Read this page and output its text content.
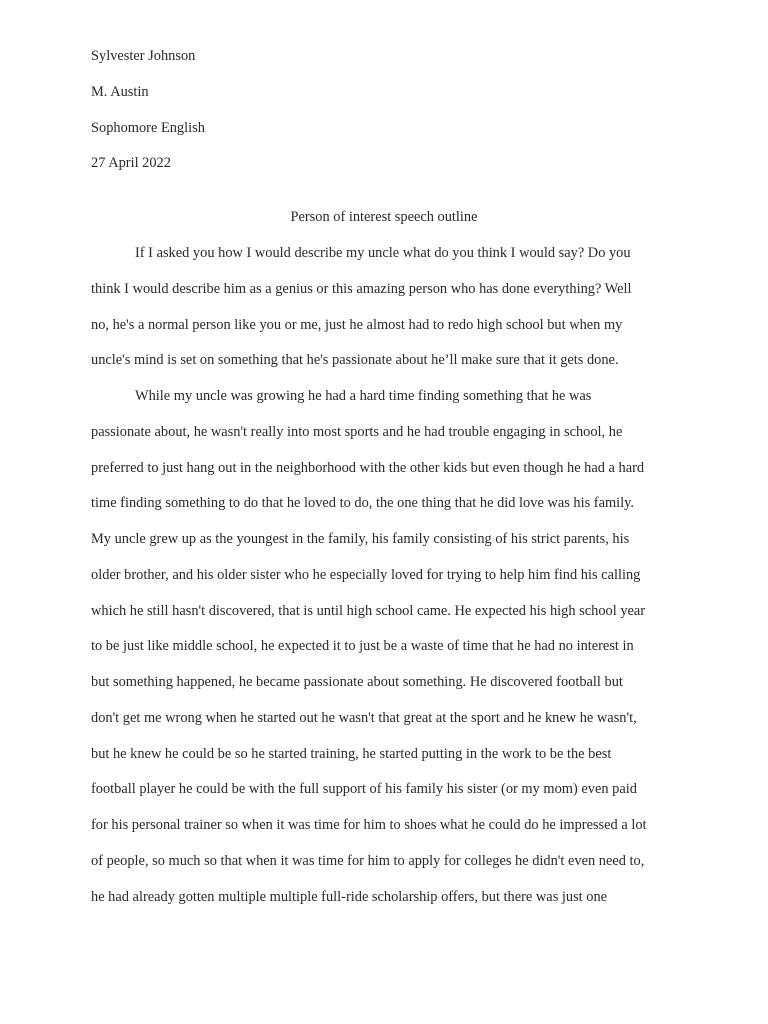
Sylvester Johnson
M. Austin
Sophomore English
27 April 2022
Person of interest speech outline
If I asked you how I would describe my uncle what do you think I would say? Do you
think I would describe him as a genius or this amazing person who has done everything? Well
no, he's a normal person like you or me, just he almost had to redo high school but when my
uncle's mind is set on something that he's passionate about he’ll make sure that it gets done.
While my uncle was growing he had a hard time finding something that he was
passionate about, he wasn't really into most sports and he had trouble engaging in school, he
preferred to just hang out in the neighborhood with the other kids but even though he had a hard
time finding something to do that he loved to do, the one thing that he did love was his family.
My uncle grew up as the youngest in the family, his family consisting of his strict parents, his
older brother, and his older sister who he especially loved for trying to help him find his calling
which he still hasn't discovered, that is until high school came. He expected his high school year
to be just like middle school, he expected it to just be a waste of time that he had no interest in
but something happened, he became passionate about something. He discovered football but
don't get me wrong when he started out he wasn't that great at the sport and he knew he wasn't,
but he knew he could be so he started training, he started putting in the work to be the best
football player he could be with the full support of his family his sister (or my mom) even paid
for his personal trainer so when it was time for him to shoes what he could do he impressed a lot
of people, so much so that when it was time for him to apply for colleges he didn't even need to,
he had already gotten multiple multiple full-ride scholarship offers, but there was just one
